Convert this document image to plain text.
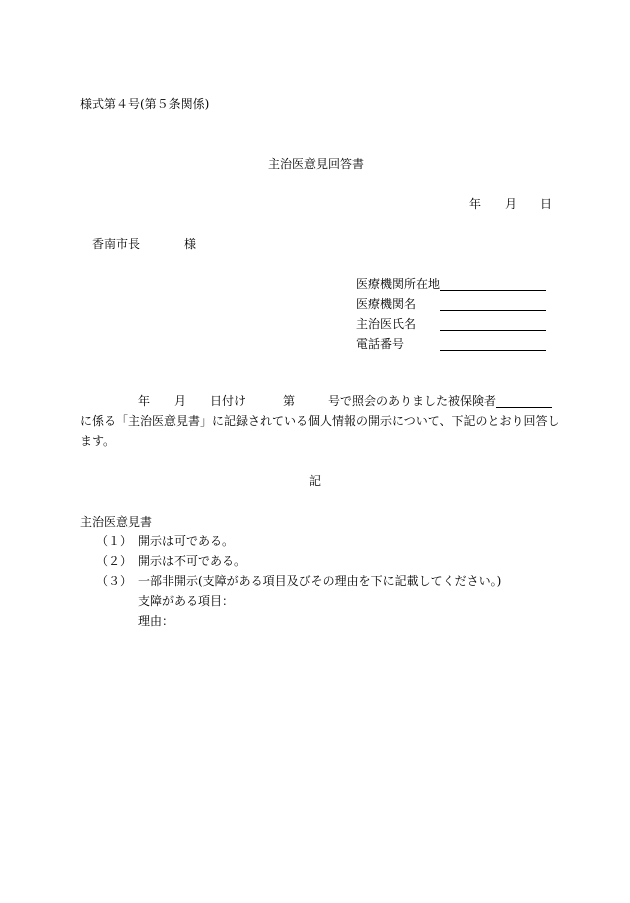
様式第４号(第５条関係)
主治医意見回答書
年 月 日
香南市長	様
医療機関所在地
医療機関名
主治医氏名
電話番号
年 月 日付け	第	号で照会のありました被保険者
に係る「主治医意見書」に記録されている個人情報の開示について、下記のとおり回答し
ます。
記
主治医意見書
（１） 開示は可である。
（２） 開示は不可である。
（３） 一部非開示(支障がある項目及びその理由を下に記載してください。)
支障がある項目：
理由：
